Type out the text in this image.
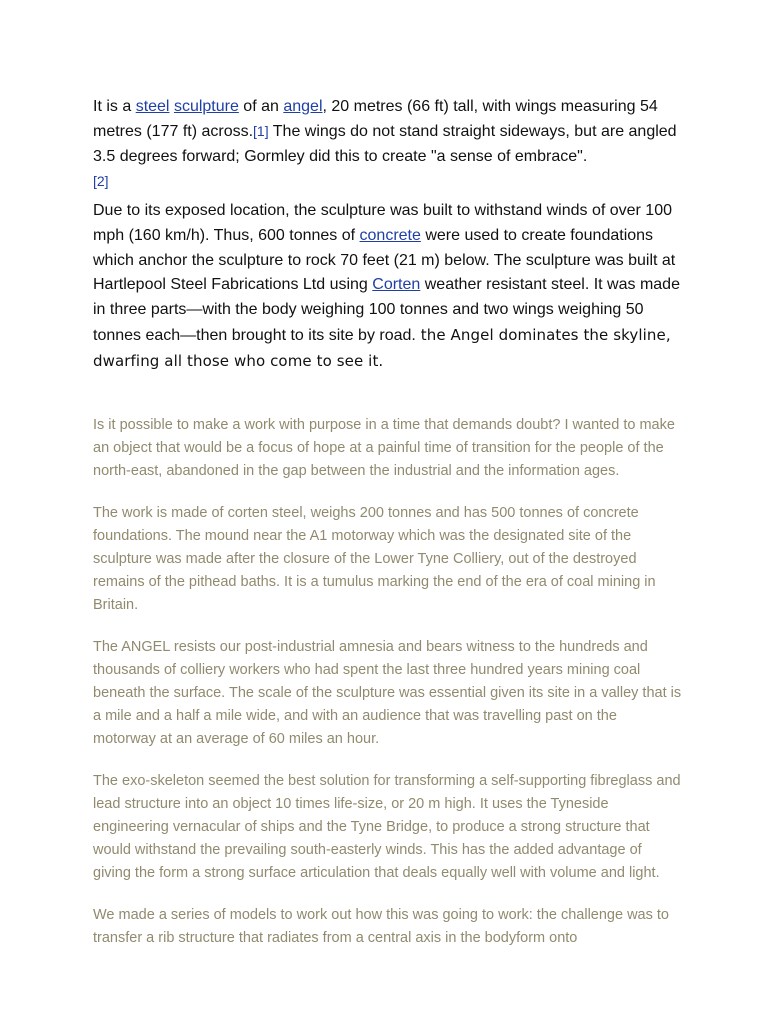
It is a steel sculpture of an angel, 20 metres (66 ft) tall, with wings measuring 54 metres (177 ft) across.[1] The wings do not stand straight sideways, but are angled 3.5 degrees forward; Gormley did this to create "a sense of embrace".
[2]

Due to its exposed location, the sculpture was built to withstand winds of over 100 mph (160 km/h). Thus, 600 tonnes of concrete were used to create foundations which anchor the sculpture to rock 70 feet (21 m) below. The sculpture was built at Hartlepool Steel Fabrications Ltd using Corten weather resistant steel. It was made in three parts—with the body weighing 100 tonnes and two wings weighing 50 tonnes each—then brought to its site by road. the Angel dominates the skyline, dwarfing all those who come to see it.

Is it possible to make a work with purpose in a time that demands doubt? I wanted to make an object that would be a focus of hope at a painful time of transition for the people of the north-east, abandoned in the gap between the industrial and the information ages.

The work is made of corten steel, weighs 200 tonnes and has 500 tonnes of concrete foundations. The mound near the A1 motorway which was the designated site of the sculpture was made after the closure of the Lower Tyne Colliery, out of the destroyed remains of the pithead baths. It is a tumulus marking the end of the era of coal mining in Britain.

The ANGEL resists our post-industrial amnesia and bears witness to the hundreds and thousands of colliery workers who had spent the last three hundred years mining coal beneath the surface. The scale of the sculpture was essential given its site in a valley that is a mile and a half a mile wide, and with an audience that was travelling past on the motorway at an average of 60 miles an hour.

The exo-skeleton seemed the best solution for transforming a self-supporting fibreglass and lead structure into an object 10 times life-size, or 20 m high. It uses the Tyneside engineering vernacular of ships and the Tyne Bridge, to produce a strong structure that would withstand the prevailing south-easterly winds. This has the added advantage of giving the form a strong surface articulation that deals equally well with volume and light.

We made a series of models to work out how this was going to work: the challenge was to transfer a rib structure that radiates from a central axis in the bodyform onto
